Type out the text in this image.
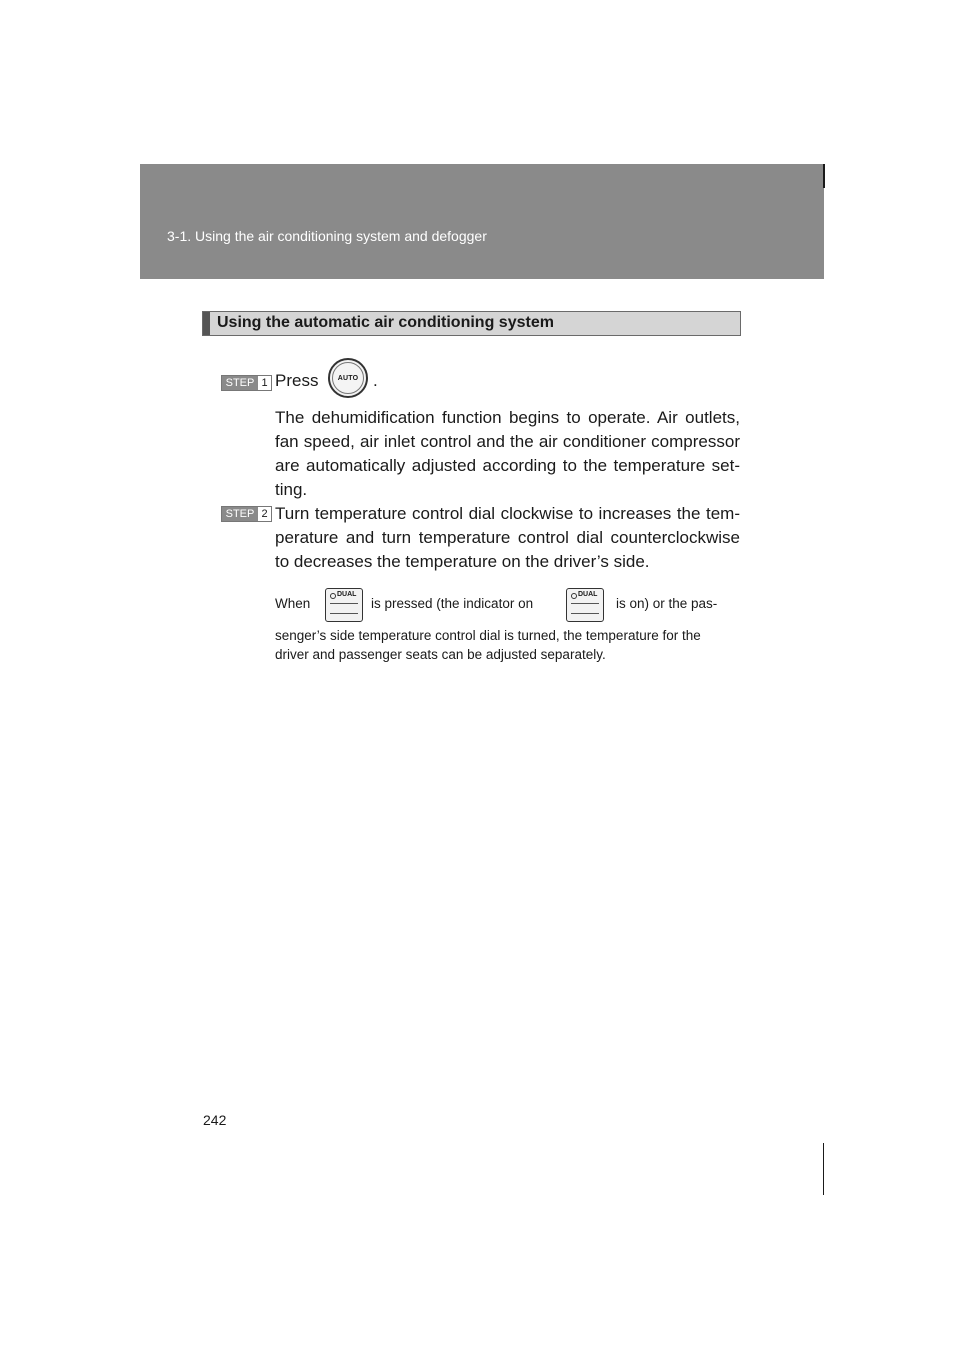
3-1. Using the air conditioning system and defogger
Using the automatic air conditioning system
STEP 1 Press	AUTO .
The dehumidification function begins to operate. Air outlets, fan speed, air inlet control and the air conditioner compressor are automatically adjusted according to the temperature set-ting.
STEP 2 Turn temperature control dial clockwise to increases the tem-perature and turn temperature control dial counterclockwise to decreases the temperature on the driver’s side.
When	is pressed (the indicator on	is on) or the pas-
DUAL	DUAL
senger’s side temperature control dial is turned, the temperature for the driver and passenger seats can be adjusted separately.
242
